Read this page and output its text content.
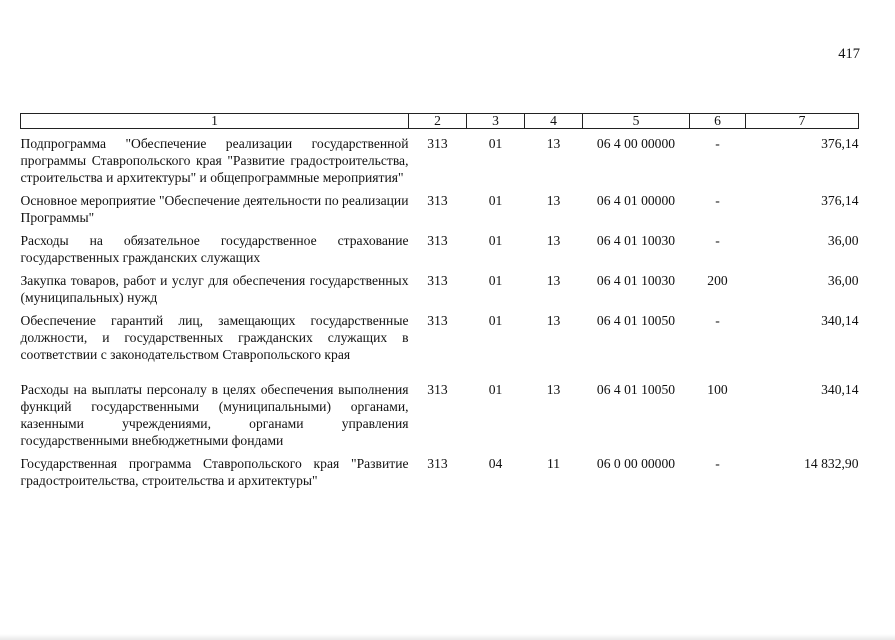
417
1	2	3	4	5	6	7
Подпрограмма "Обеспечение реализации государственной программы Ставропольского края "Развитие градостроительства, строительства и архитектуры" и общепрограммные мероприятия"	313	01	13	06 4 00 00000	-	376,14
Основное мероприятие "Обеспечение деятельности по реализации Программы"	313	01	13	06 4 01 00000	-	376,14
Расходы на обязательное государственное страхование государственных гражданских служащих	313	01	13	06 4 01 10030	-	36,00
Закупка товаров, работ и услуг для обеспечения государственных (муниципальных) нужд	313	01	13	06 4 01 10030	200	36,00
Обеспечение гарантий лиц, замещающих государственные должности, и государственных гражданских служащих в соответствии с законодательством Ставропольского края	313	01	13	06 4 01 10050	-	340,14
Расходы на выплаты персоналу в целях обеспечения выполнения функций государственными (муниципальными) органами, казенными учреждениями, органами управления государственными внебюджетными фондами	313	01	13	06 4 01 10050	100	340,14
Государственная программа Ставропольского края "Развитие градостроительства, строительства и архитектуры"	313	04	11	06 0 00 00000	-	14 832,90
